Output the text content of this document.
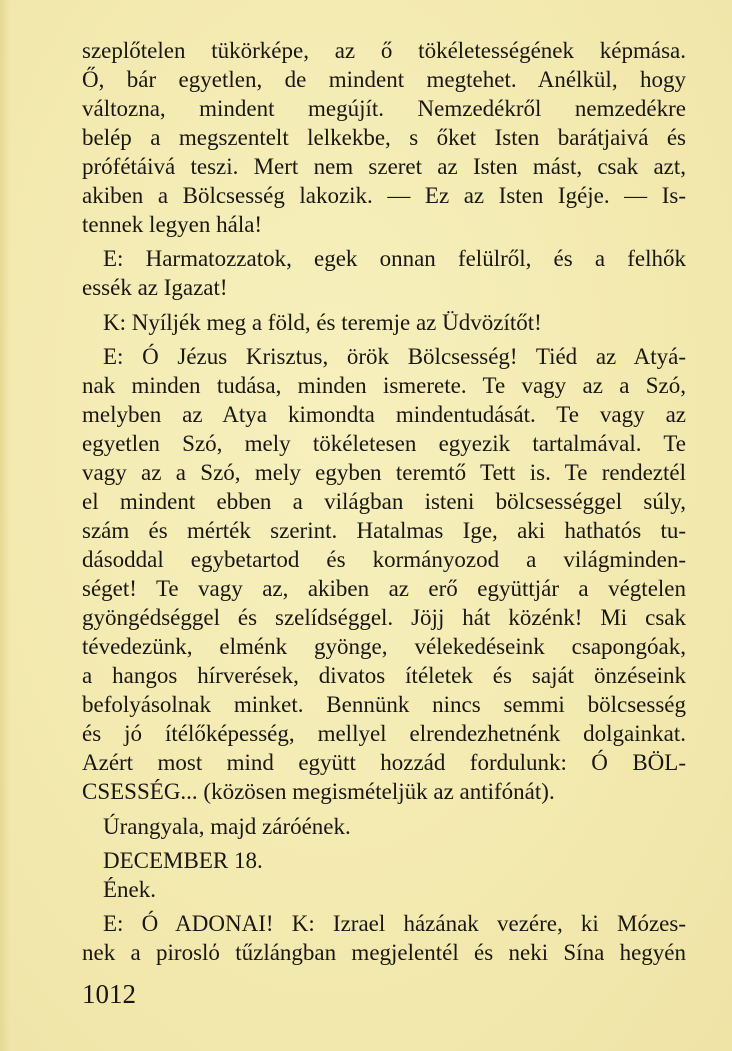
szeplőtelen tükörképe, az ő tökéletességének képmása.
Ő, bár egyetlen, de mindent megtehet. Anélkül, hogy
változna, mindent megújít. Nemzedékről nemzedékre
belép a megszentelt lelkekbe, s őket Isten barátjaivá és
prófétáivá teszi. Mert nem szeret az Isten mást, csak azt,
akiben a Bölcsesség lakozik. — Ez az Isten Igéje. — Is-
tennek legyen hála!
E: Harmatozzatok, egek onnan felülről, és a felhők
essék az Igazat!
K: Nyíljék meg a föld, és teremje az Üdvözítőt!
E: Ó Jézus Krisztus, örök Bölcsesség! Tiéd az Atyá-
nak minden tudása, minden ismerete. Te vagy az a Szó,
melyben az Atya kimondta mindentudását. Te vagy az
egyetlen Szó, mely tökéletesen egyezik tartalmával. Te
vagy az a Szó, mely egyben teremtő Tett is. Te rendeztél
el mindent ebben a világban isteni bölcsességgel súly,
szám és mérték szerint. Hatalmas Ige, aki hathatós tu-
dásoddal egybetartod és kormányozod a világminden-
séget! Te vagy az, akiben az erő együttjár a végtelen
gyöngédséggel és szelídséggel. Jöjj hát közénk! Mi csak
tévedezünk, elménk gyönge, vélekedéseink csapongóak,
a hangos hírverések, divatos ítéletek és saját önzéseink
befolyásolnak minket. Bennünk nincs semmi bölcsesség
és jó ítélőképesség, mellyel elrendezhetnénk dolgainkat.
Azért most mind együtt hozzád fordulunk: Ó BÖL-
CSESSÉG... (közösen megismételjük az antifónát).
Úrangyala, majd záróének.
DECEMBER 18.
Ének.
E: Ó ADONAI! K: Izrael házának vezére, ki Mózes-
nek a piroslό tűzlángban megjelentél és neki Sína hegyén
1012
